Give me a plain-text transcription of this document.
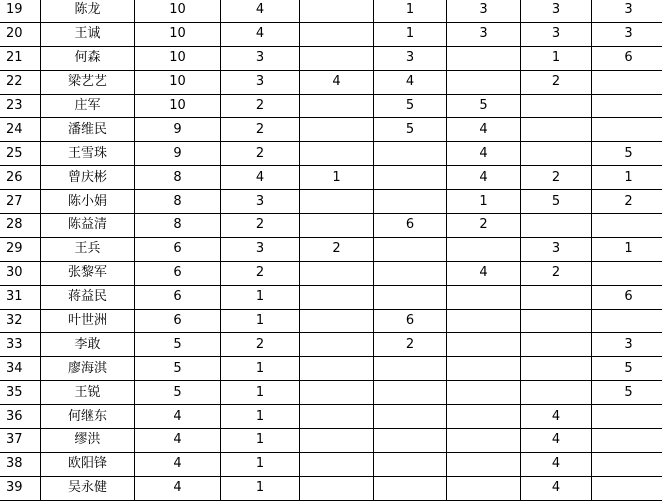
19	陈龙	10	4		1	3	3	3
20	王诚	10	4		1	3	3	3
21	何森	10	3		3		1	6
22	梁艺艺	10	3	4	4		2	
23	庄军	10	2		5	5		
24	潘维民	9	2		5	4		
25	王雪珠	9	2			4		5
26	曾庆彬	8	4	1		4	2	1
27	陈小娟	8	3			1	5	2
28	陈益清	8	2		6	2		
29	王兵	6	3	2			3	1
30	张黎军	6	2			4	2	
31	蒋益民	6	1					6
32	叶世洲	6	1		6			
33	李敢	5	2		2			3
34	廖海淇	5	1					5
35	王锐	5	1					5
36	何继东	4	1				4	
37	缪洪	4	1				4	
38	欧阳锋	4	1				4	
39	吴永健	4	1				4	
